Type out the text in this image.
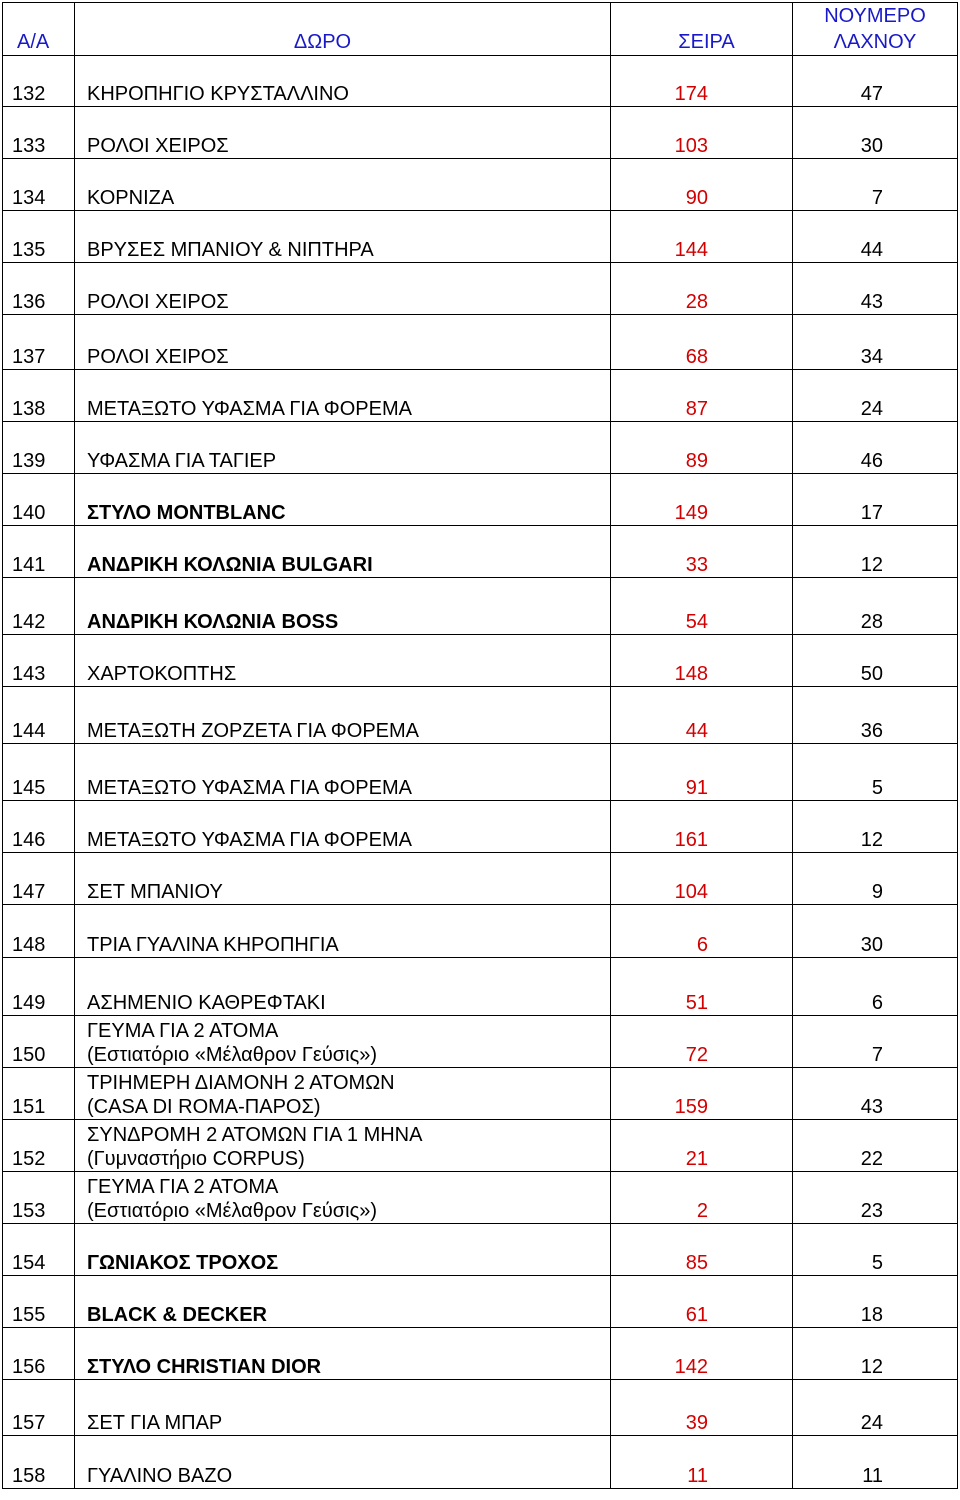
Α/Α	ΔΩΡΟ	ΣΕΙΡΑ	ΝΟΥΜΕΡΟ ΛΑΧΝΟΥ
132	ΚΗΡΟΠΗΓΙΟ ΚΡΥΣΤΑΛΛΙΝΟ	174	47
133	ΡΟΛΟΙ ΧΕΙΡΟΣ	103	30
134	ΚΟΡΝΙΖΑ	90	7
135	ΒΡΥΣΕΣ ΜΠΑΝΙΟΥ & ΝΙΠΤΗΡΑ	144	44
136	ΡΟΛΟΙ ΧΕΙΡΟΣ	28	43
137	ΡΟΛΟΙ ΧΕΙΡΟΣ	68	34
138	ΜΕΤΑΞΩΤΟ ΥΦΑΣΜΑ ΓΙΑ ΦΟΡΕΜΑ	87	24
139	ΥΦΑΣΜΑ ΓΙΑ ΤΑΓΙΕΡ	89	46
140	ΣΤΥΛΟ MONTBLANC	149	17
141	ΑΝΔΡΙΚΗ ΚΟΛΩΝΙΑ BULGARI	33	12
142	ΑΝΔΡΙΚΗ ΚΟΛΩΝΙΑ BOSS	54	28
143	ΧΑΡΤΟΚΟΠΤΗΣ	148	50
144	ΜΕΤΑΞΩΤΗ ΖΟΡΖΕΤΑ ΓΙΑ ΦΟΡΕΜΑ	44	36
145	ΜΕΤΑΞΩΤΟ ΥΦΑΣΜΑ ΓΙΑ ΦΟΡΕΜΑ	91	5
146	ΜΕΤΑΞΩΤΟ ΥΦΑΣΜΑ ΓΙΑ ΦΟΡΕΜΑ	161	12
147	ΣΕΤ ΜΠΑΝΙΟΥ	104	9
148	ΤΡΙΑ ΓΥΑΛΙΝΑ ΚΗΡΟΠΗΓΙΑ	6	30
149	ΑΣΗΜΕΝΙΟ ΚΑΘΡΕΦΤΑΚΙ	51	6
150	ΓΕΥΜΑ ΓΙΑ 2 ΑΤΟΜΑ
(Εστιατόριο «Μέλαθρον Γεύσις»)	72	7
151	ΤΡΙΗΜΕΡΗ ΔΙΑΜΟΝΗ 2 ΑΤΟΜΩΝ
(CASA DI ROMA-ΠΑΡΟΣ)	159	43
152	ΣΥΝΔΡΟΜΗ 2 ΑΤΟΜΩΝ ΓΙΑ 1 ΜΗΝΑ
(Γυμναστήριο CORPUS)	21	22
153	ΓΕΥΜΑ ΓΙΑ 2 ΑΤΟΜΑ
(Εστιατόριο «Μέλαθρον Γεύσις»)	2	23
154	ΓΩΝΙΑΚΟΣ ΤΡΟΧΟΣ	85	5
155	BLACK & DECKER	61	18
156	ΣΤΥΛΟ CHRISTIAN DIOR	142	12
157	ΣΕΤ ΓΙΑ ΜΠΑΡ	39	24
158	ΓΥΑΛΙΝΟ ΒΑΖΟ	11	11
